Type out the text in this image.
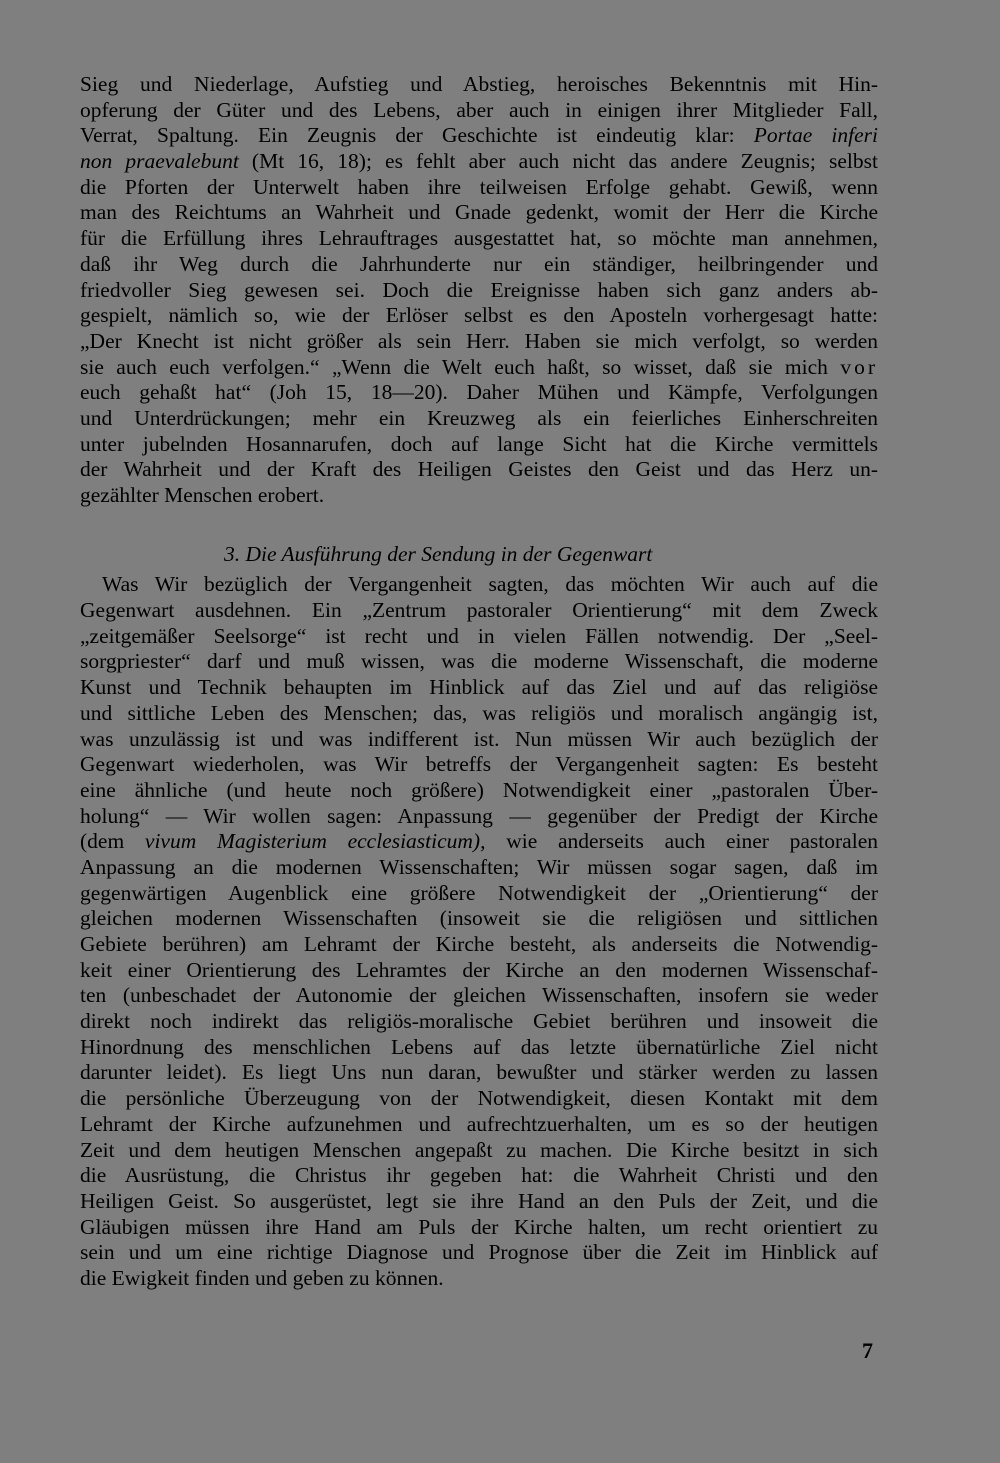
Sieg und Niederlage, Aufstieg und Abstieg, heroisches Bekenntnis mit Hin-
opferung der Güter und des Lebens, aber auch in einigen ihrer Mitglieder Fall,
Verrat, Spaltung. Ein Zeugnis der Geschichte ist eindeutig klar: Portae inferi
non praevalebunt (Mt 16, 18); es fehlt aber auch nicht das andere Zeugnis; selbst
die Pforten der Unterwelt haben ihre teilweisen Erfolge gehabt. Gewiß, wenn
man des Reichtums an Wahrheit und Gnade gedenkt, womit der Herr die Kirche
für die Erfüllung ihres Lehrauftrages ausgestattet hat, so möchte man annehmen,
daß ihr Weg durch die Jahrhunderte nur ein ständiger, heilbringender und
friedvoller Sieg gewesen sei. Doch die Ereignisse haben sich ganz anders ab-
gespielt, nämlich so, wie der Erlöser selbst es den Aposteln vorhergesagt hatte:
„Der Knecht ist nicht größer als sein Herr. Haben sie mich verfolgt, so werden
sie auch euch verfolgen.“ „Wenn die Welt euch haßt, so wisset, daß sie mich vor
euch gehaßt hat“ (Joh 15, 18—20). Daher Mühen und Kämpfe, Verfolgungen
und Unterdrückungen; mehr ein Kreuzweg als ein feierliches Einherschreiten
unter jubelnden Hosannarufen, doch auf lange Sicht hat die Kirche vermittels
der Wahrheit und der Kraft des Heiligen Geistes den Geist und das Herz un-
gezählter Menschen erobert.
3. Die Ausführung der Sendung in der Gegenwart
Was Wir bezüglich der Vergangenheit sagten, das möchten Wir auch auf die
Gegenwart ausdehnen. Ein „Zentrum pastoraler Orientierung“ mit dem Zweck
„zeitgemäßer Seelsorge“ ist recht und in vielen Fällen notwendig. Der „Seel-
sorgpriester“ darf und muß wissen, was die moderne Wissenschaft, die moderne
Kunst und Technik behaupten im Hinblick auf das Ziel und auf das religiöse
und sittliche Leben des Menschen; das, was religiös und moralisch angängig ist,
was unzulässig ist und was indifferent ist. Nun müssen Wir auch bezüglich der
Gegenwart wiederholen, was Wir betreffs der Vergangenheit sagten: Es besteht
eine ähnliche (und heute noch größere) Notwendigkeit einer „pastoralen Über-
holung“ — Wir wollen sagen: Anpassung — gegenüber der Predigt der Kirche
(dem vivum Magisterium ecclesiasticum), wie anderseits auch einer pastoralen
Anpassung an die modernen Wissenschaften; Wir müssen sogar sagen, daß im
gegenwärtigen Augenblick eine größere Notwendigkeit der „Orientierung“ der
gleichen modernen Wissenschaften (insoweit sie die religiösen und sittlichen
Gebiete berühren) am Lehramt der Kirche besteht, als anderseits die Notwendig-
keit einer Orientierung des Lehramtes der Kirche an den modernen Wissenschaf-
ten (unbeschadet der Autonomie der gleichen Wissenschaften, insofern sie weder
direkt noch indirekt das religiös-moralische Gebiet berühren und insoweit die
Hinordnung des menschlichen Lebens auf das letzte übernatürliche Ziel nicht
darunter leidet). Es liegt Uns nun daran, bewußter und stärker werden zu lassen
die persönliche Überzeugung von der Notwendigkeit, diesen Kontakt mit dem
Lehramt der Kirche aufzunehmen und aufrechtzuerhalten, um es so der heutigen
Zeit und dem heutigen Menschen angepaßt zu machen. Die Kirche besitzt in sich
die Ausrüstung, die Christus ihr gegeben hat: die Wahrheit Christi und den
Heiligen Geist. So ausgerüstet, legt sie ihre Hand an den Puls der Zeit, und die
Gläubigen müssen ihre Hand am Puls der Kirche halten, um recht orientiert zu
sein und um eine richtige Diagnose und Prognose über die Zeit im Hinblick auf
die Ewigkeit finden und geben zu können.
7
